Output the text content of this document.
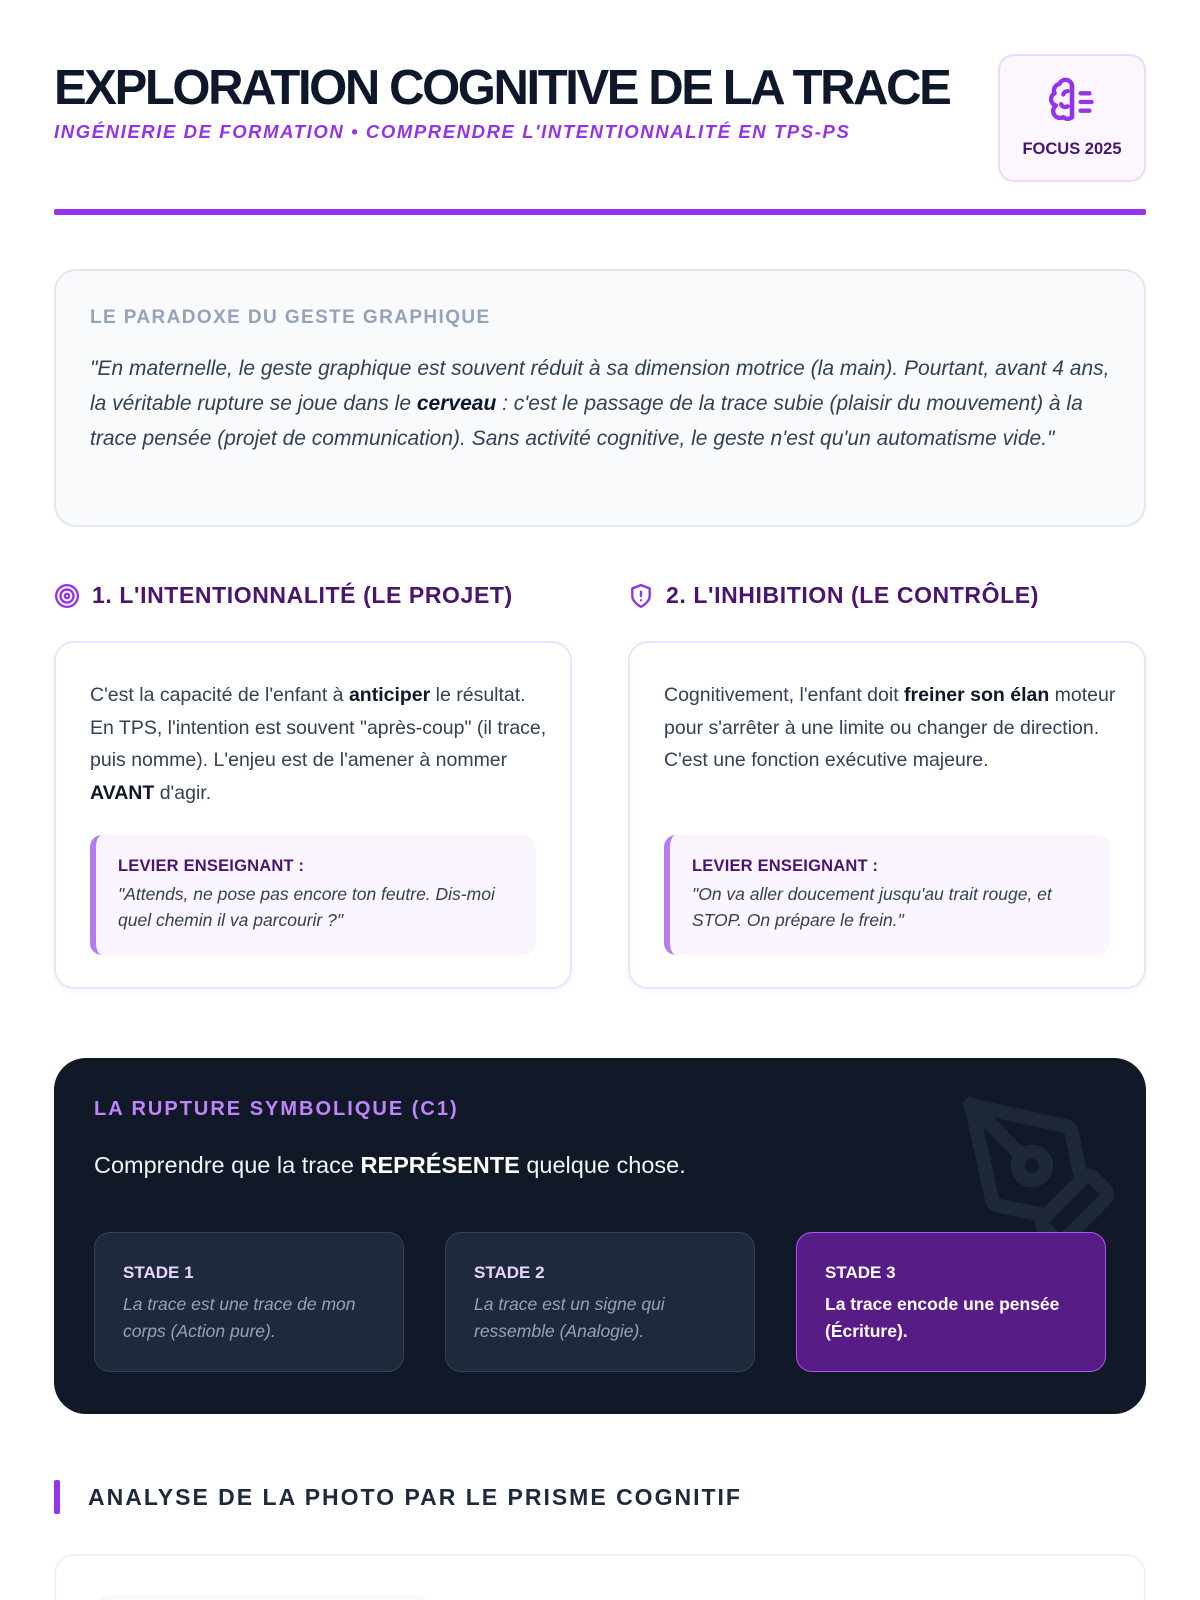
EXPLORATION COGNITIVE DE LA TRACE
INGÉNIERIE DE FORMATION • COMPRENDRE L'INTENTIONNALITÉ EN TPS-PS
FOCUS 2025
LE PARADOXE DU GESTE GRAPHIQUE

"En maternelle, le geste graphique est souvent réduit à sa dimension motrice (la main). Pourtant, avant 4 ans, la véritable rupture se joue dans le cerveau : c'est le passage de la trace subie (plaisir du mouvement) à la trace pensée (projet de communication). Sans activité cognitive, le geste n'est qu'un automatisme vide."

1. L'INTENTIONNALITÉ (LE PROJET)

C'est la capacité de l'enfant à anticiper le résultat. En TPS, l'intention est souvent "après-coup" (il trace, puis nomme). L'enjeu est de l'amener à nommer AVANT d'agir.

LEVIER ENSEIGNANT :
"Attends, ne pose pas encore ton feutre. Dis-moi quel chemin il va parcourir ?"
2. L'INHIBITION (LE CONTRÔLE)

Cognitivement, l'enfant doit freiner son élan moteur pour s'arrêter à une limite ou changer de direction. C'est une fonction exécutive majeure.

LEVIER ENSEIGNANT :
"On va aller doucement jusqu'au trait rouge, et STOP. On prépare le frein."
LA RUPTURE SYMBOLIQUE (C1)

Comprendre que la trace REPRÉSENTE quelque chose.

STADE 1
La trace est une trace de mon corps (Action pure).
STADE 2
La trace est un signe qui ressemble (Analogie).
STADE 3
La trace encode une pensée (Écriture).
ANALYSE DE LA PHOTO PAR LE PRISME COGNITIF
